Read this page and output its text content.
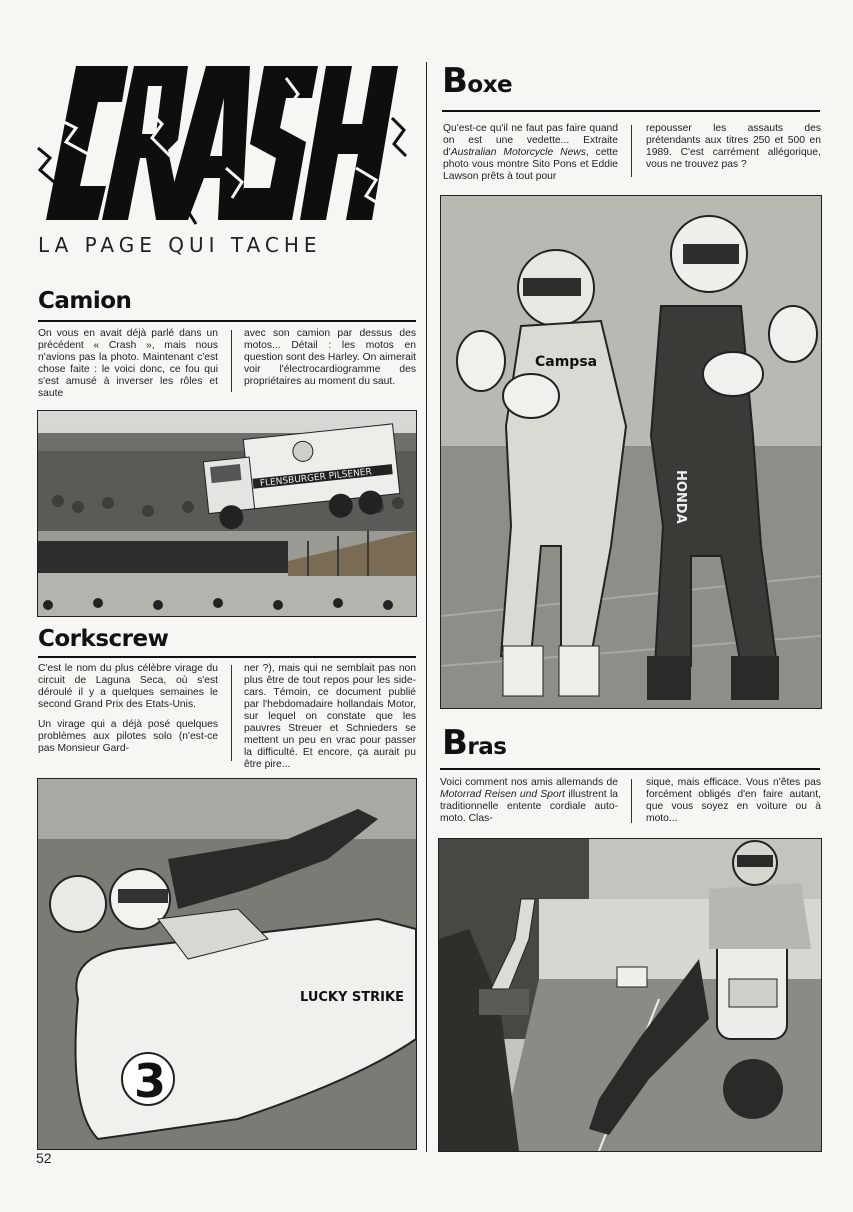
LA PAGE QUI TACHE
Camion
On vous en avait déjà parlé dans un précédent « Crash », mais nous n'avions pas la photo. Maintenant c'est chose faite : le voici donc, ce fou qui s'est amusé à inverser les rôles et saute
avec son camion par dessus des motos... Détail : les motos en question sont des Harley. On aimerait voir l'électrocardiogramme des propriétaires au moment du saut.
FLENSBURGER PILSENER
Corkscrew

C'est le nom du plus célèbre virage du circuit de Laguna Seca, où s'est déroulé il y a quelques semaines le second Grand Prix des Etats-Unis.

Un virage qui a déjà posé quelques problèmes aux pilotes solo (n'est-ce pas Monsieur Gard-

ner ?), mais qui ne semblait pas non plus être de tout repos pour les side-cars. Témoin, ce document publié par l'hebdomadaire hollandais Motor, sur lequel on constate que les pauvres Streuer et Schnieders se mettent un peu en vrac pour passer la difficulté. Et encore, ça aurait pu être pire...
3
LUCKY STRIKE
52
Boxe
Qu'est-ce qu'il ne faut pas faire quand on est une vedette... Extraite d'Australian Motorcycle News, cette photo vous montre Sito Pons et Eddie Lawson prêts à tout pour
repousser les assauts des prétendants aux titres 250 et 500 en 1989. C'est carrément allégorique, vous ne trouvez pas ?
Campsa
HONDA
Bras
Voici comment nos amis allemands de Motorrad Reisen und Sport illustrent la traditionnelle entente cordiale auto-moto. Clas-
sique, mais efficace. Vous n'êtes pas forcément obligés d'en faire autant, que vous soyez en voiture ou à moto...
